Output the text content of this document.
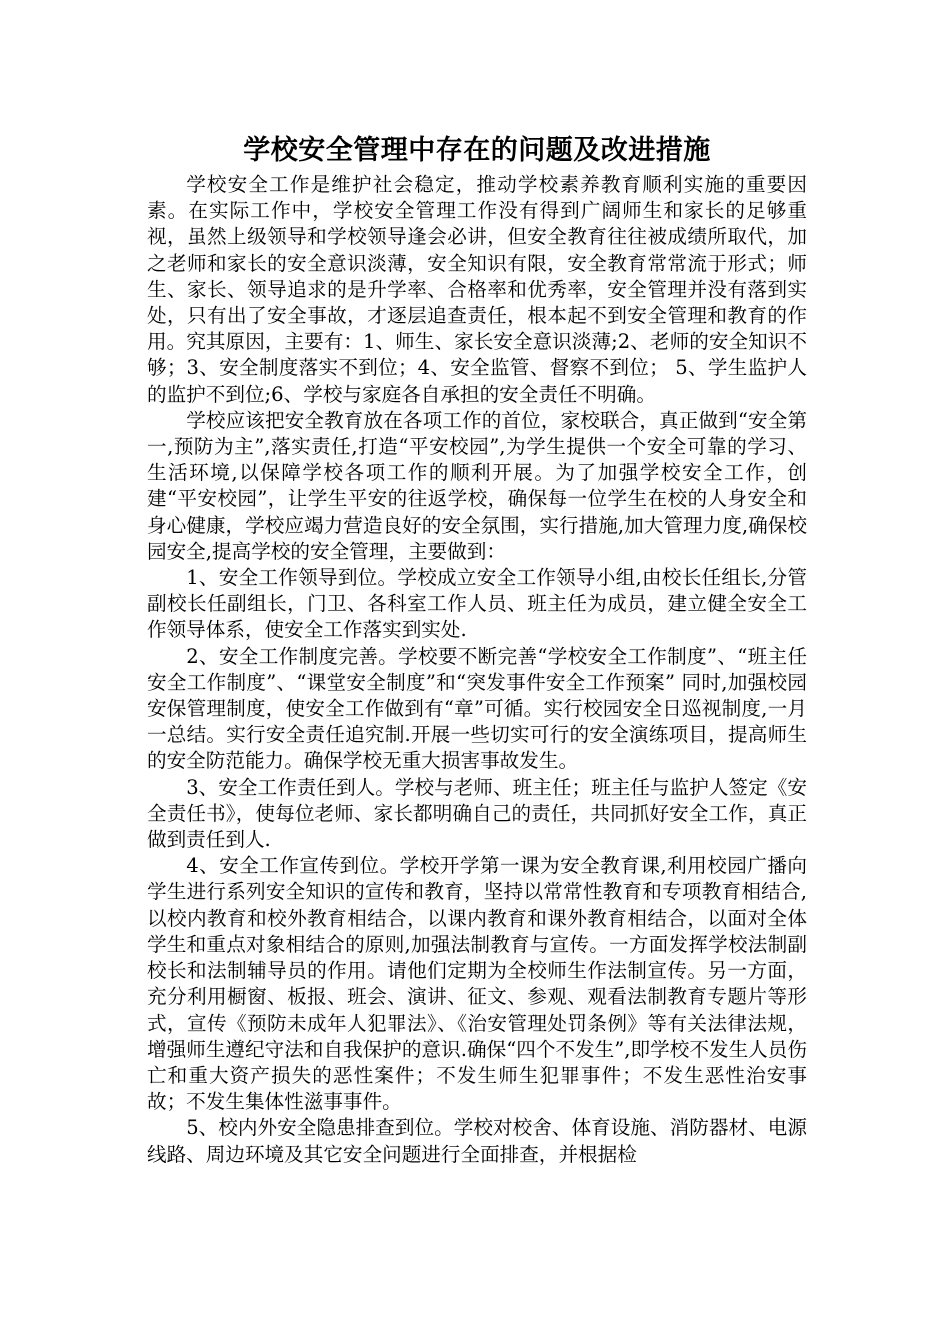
学校安全管理中存在的问题及改进措施

学校安全工作是维护社会稳定，推动学校素养教育顺利实施的重要因素。在实际工作中，学校安全管理工作没有得到广阔师生和家长的足够重视，虽然上级领导和学校领导逢会必讲，但安全教育往往被成绩所取代，加之老师和家长的安全意识淡薄，安全知识有限，安全教育常常流于形式；师生、家长、领导追求的是升学率、合格率和优秀率，安全管理并没有落到实处，只有出了安全事故，才逐层追查责任，根本起不到安全管理和教育的作用。究其原因，主要有：1、师生、家长安全意识淡薄;2、老师的安全知识不够；3、安全制度落实不到位；4、安全监管、督察不到位； 5、学生监护人的监护不到位;6、学校与家庭各自承担的安全责任不明确。

学校应该把安全教育放在各项工作的首位，家校联合，真正做到“安全第一,预防为主”,落实责任,打造“平安校园”,为学生提供一个安全可靠的学习、生活环境,以保障学校各项工作的顺利开展。为了加强学校安全工作，创建“平安校园”，让学生平安的往返学校，确保每一位学生在校的人身安全和身心健康，学校应竭力营造良好的安全氛围，实行措施,加大管理力度,确保校园安全,提高学校的安全管理，主要做到：

1、安全工作领导到位。学校成立安全工作领导小组,由校长任组长,分管副校长任副组长，门卫、各科室工作人员、班主任为成员，建立健全安全工作领导体系，使安全工作落实到实处.

2、安全工作制度完善。学校要不断完善“学校安全工作制度”、“班主任安全工作制度”、“课堂安全制度”和“突发事件安全工作预案” 同时,加强校园安保管理制度，使安全工作做到有“章”可循。实行校园安全日巡视制度,一月一总结。实行安全责任追究制.开展一些切实可行的安全演练项目，提高师生的安全防范能力。确保学校无重大损害事故发生。

3、安全工作责任到人。学校与老师、班主任；班主任与监护人签定《安全责任书》，使每位老师、家长都明确自己的责任，共同抓好安全工作，真正做到责任到人.

4、安全工作宣传到位。学校开学第一课为安全教育课,利用校园广播向学生进行系列安全知识的宣传和教育，坚持以常常性教育和专项教育相结合,以校内教育和校外教育相结合，以课内教育和课外教育相结合，以面对全体学生和重点对象相结合的原则,加强法制教育与宣传。一方面发挥学校法制副校长和法制辅导员的作用。请他们定期为全校师生作法制宣传。另一方面，充分利用橱窗、板报、班会、演讲、征文、参观、观看法制教育专题片等形式，宣传《预防未成年人犯罪法》、《治安管理处罚条例》等有关法律法规，增强师生遵纪守法和自我保护的意识.确保“四个不发生”,即学校不发生人员伤亡和重大资产损失的恶性案件；不发生师生犯罪事件；不发生恶性治安事故；不发生集体性滋事事件。

5、校内外安全隐患排查到位。学校对校舍、体育设施、消防器材、电源线路、周边环境及其它安全问题进行全面排查，并根据检
